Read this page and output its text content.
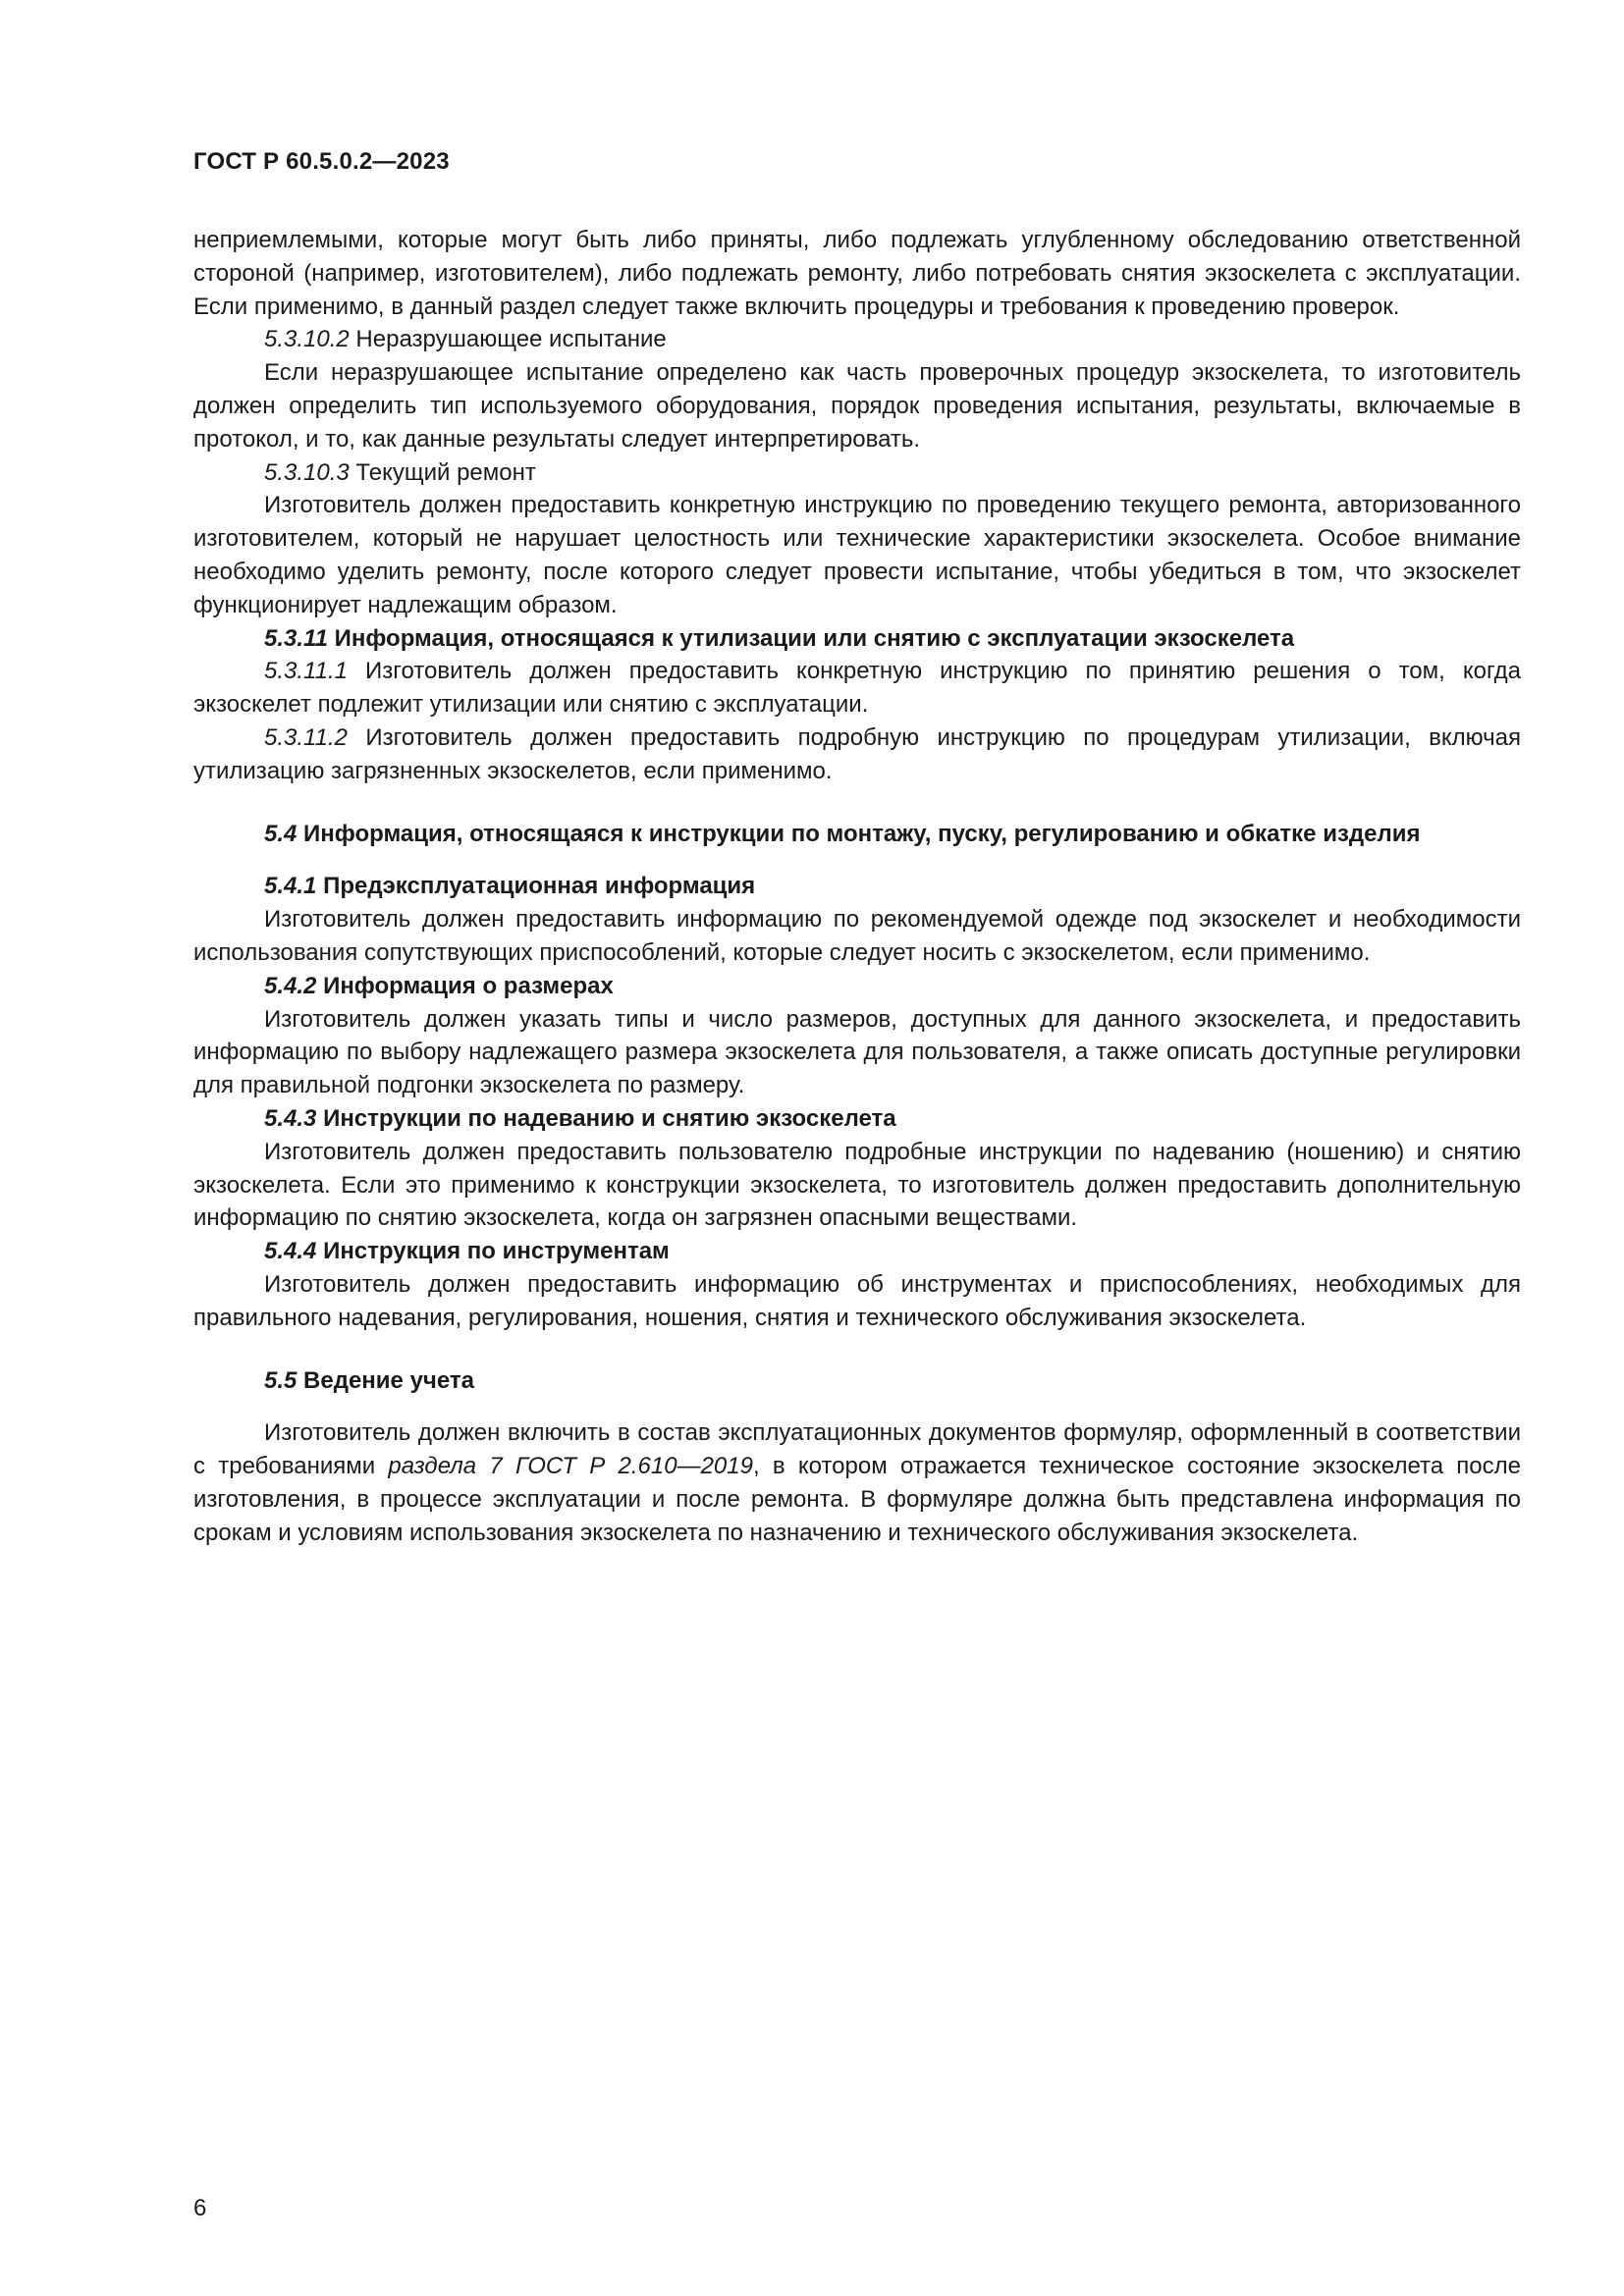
ГОСТ Р 60.5.0.2—2023

неприемлемыми, которые могут быть либо приняты, либо подлежать углубленному обследованию ответственной стороной (например, изготовителем), либо подлежать ремонту, либо потребовать снятия экзоскелета с эксплуатации. Если применимо, в данный раздел следует также включить процедуры и требования к проведению проверок.

5.3.10.2 Неразрушающее испытание

Если неразрушающее испытание определено как часть проверочных процедур экзоскелета, то изготовитель должен определить тип используемого оборудования, порядок проведения испытания, результаты, включаемые в протокол, и то, как данные результаты следует интерпретировать.

5.3.10.3 Текущий ремонт

Изготовитель должен предоставить конкретную инструкцию по проведению текущего ремонта, авторизованного изготовителем, который не нарушает целостность или технические характеристики экзоскелета. Особое внимание необходимо уделить ремонту, после которого следует провести испытание, чтобы убедиться в том, что экзоскелет функционирует надлежащим образом.

5.3.11 Информация, относящаяся к утилизации или снятию с эксплуатации экзоскелета

5.3.11.1 Изготовитель должен предоставить конкретную инструкцию по принятию решения о том, когда экзоскелет подлежит утилизации или снятию с эксплуатации.

5.3.11.2 Изготовитель должен предоставить подробную инструкцию по процедурам утилизации, включая утилизацию загрязненных экзоскелетов, если применимо.

5.4 Информация, относящаяся к инструкции по монтажу, пуску, регулированию и обкатке изделия

5.4.1 Предэксплуатационная информация

Изготовитель должен предоставить информацию по рекомендуемой одежде под экзоскелет и необходимости использования сопутствующих приспособлений, которые следует носить с экзоскелетом, если применимо.

5.4.2 Информация о размерах

Изготовитель должен указать типы и число размеров, доступных для данного экзоскелета, и предоставить информацию по выбору надлежащего размера экзоскелета для пользователя, а также описать доступные регулировки для правильной подгонки экзоскелета по размеру.

5.4.3 Инструкции по надеванию и снятию экзоскелета

Изготовитель должен предоставить пользователю подробные инструкции по надеванию (ношению) и снятию экзоскелета. Если это применимо к конструкции экзоскелета, то изготовитель должен предоставить дополнительную информацию по снятию экзоскелета, когда он загрязнен опасными веществами.

5.4.4 Инструкция по инструментам

Изготовитель должен предоставить информацию об инструментах и приспособлениях, необходимых для правильного надевания, регулирования, ношения, снятия и технического обслуживания экзоскелета.

5.5 Ведение учета

Изготовитель должен включить в состав эксплуатационных документов формуляр, оформленный в соответствии с требованиями раздела 7 ГОСТ Р 2.610—2019, в котором отражается техническое состояние экзоскелета после изготовления, в процессе эксплуатации и после ремонта. В формуляре должна быть представлена информация по срокам и условиям использования экзоскелета по назначению и технического обслуживания экзоскелета.

6
